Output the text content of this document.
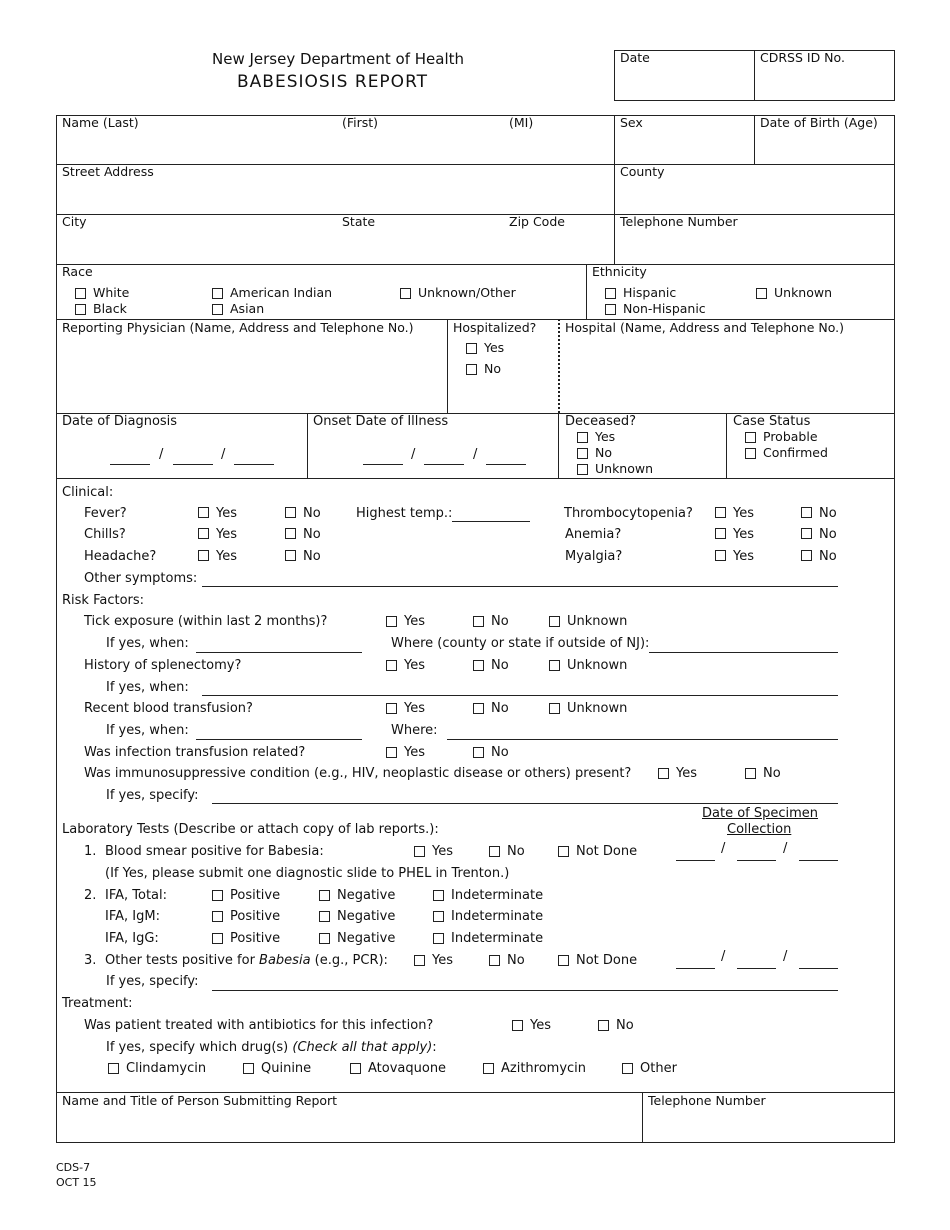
New Jersey Department of Health
BABESIOSIS REPORT
Date	CDRSS ID No.
Name (Last)	(First)	(MI)	Sex	Date of Birth (Age)
Street Address	County
City	State	Zip Code	Telephone Number
Race
White
Black
American Indian
Asian
Unknown/Other
Ethnicity
Hispanic
Non-Hispanic
Unknown
Reporting Physician (Name, Address and Telephone No.)	Hospitalized?
Yes
No
Hospital (Name, Address and Telephone No.)
Date of Diagnosis
/	/
Onset Date of Illness
/	/
Deceased?
Yes
No
Unknown
Case Status
Probable
Confirmed
Clinical:
Fever?	Yes	No	Highest temp.:	Thrombocytopenia?	Yes	No
Chills?	Yes	No	Anemia?	Yes	No
Headache?	Yes	No	Myalgia?	Yes	No
Other symptoms:
Risk Factors:
Tick exposure (within last 2 months)?	Yes	No	Unknown
If yes, when:	Where (county or state if outside of NJ):
History of splenectomy?	Yes	No	Unknown
If yes, when:
Recent blood transfusion?	Yes	No	Unknown
If yes, when:	Where:
Was infection transfusion related?	Yes	No
Was immunosuppressive condition (e.g., HIV, neoplastic disease or others) present?	Yes	No
If yes, specify:
Date of Specimen
Collection
Laboratory Tests (Describe or attach copy of lab reports.):
1. Blood smear positive for Babesia:	Yes	No	Not Done	/	/
(If Yes, please submit one diagnostic slide to PHEL in Trenton.)
2. IFA, Total:	Positive	Negative	Indeterminate
IFA, IgM:	Positive	Negative	Indeterminate
IFA, IgG:	Positive	Negative	Indeterminate
3. Other tests positive for Babesia (e.g., PCR):	Yes	No	Not Done	/	/
If yes, specify:
Treatment:
Was patient treated with antibiotics for this infection?	Yes	No
If yes, specify which drug(s) (Check all that apply):
Clindamycin	Quinine	Atovaquone	Azithromycin	Other
Name and Title of Person Submitting Report	Telephone Number
CDS-7
OCT 15
